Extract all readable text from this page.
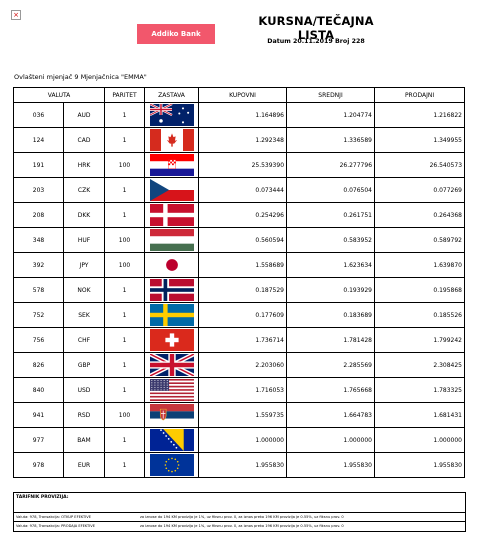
×
Addiko Bank
KURSNA/TEČAJNA LISTA
Datum 20.11.2019 Broj 228
Ovlašteni mjenjač 9 Mjenjačnica "EMMA"
VALUTA		PARITET	ZASTAVA	KUPOVNI	SREDNJI	PRODAJNI
036	AUD	1		1.164896	1.204774	1.216822
124	CAD	1		1.292348	1.336589	1.349955
191	HRK	100		25.539390	26.277796	26.540573
203	CZK	1		0.073444	0.076504	0.077269
208	DKK	1		0.254296	0.261751	0.264368
348	HUF	100		0.560594	0.583952	0.589792
392	JPY	100		1.558689	1.623634	1.639870
578	NOK	1		0.187529	0.193929	0.195868
752	SEK	1		0.177609	0.183689	0.185526
756	CHF	1		1.736714	1.781428	1.799242
826	GBP	1		2.203060	2.285569	2.308425
840	USD	1		1.716053	1.765668	1.783325
941	RSD	100		1.559735	1.664783	1.681431
977	BAM	1		1.000000	1.000000	1.000000
978	EUR	1		1.955830	1.955830	1.955830
TARIFNIK PROVIZIJA:
Valuta: 978, Transakcija: OTKUP EFEKTIVE	za iznose do 194 KM provizija je 1%, uz fiksnu prov. 0, za iznos preko 196 KM provizija je 0.55%, uz fiksnu prov. 0
Valuta: 978, Transakcija: PRODAJA EFEKTIVE	za iznose do 194 KM provizija je 1%, uz fiksnu prov. 0, za iznos preko 196 KM provizija je 0.55%, uz fiksnu prov. 0
